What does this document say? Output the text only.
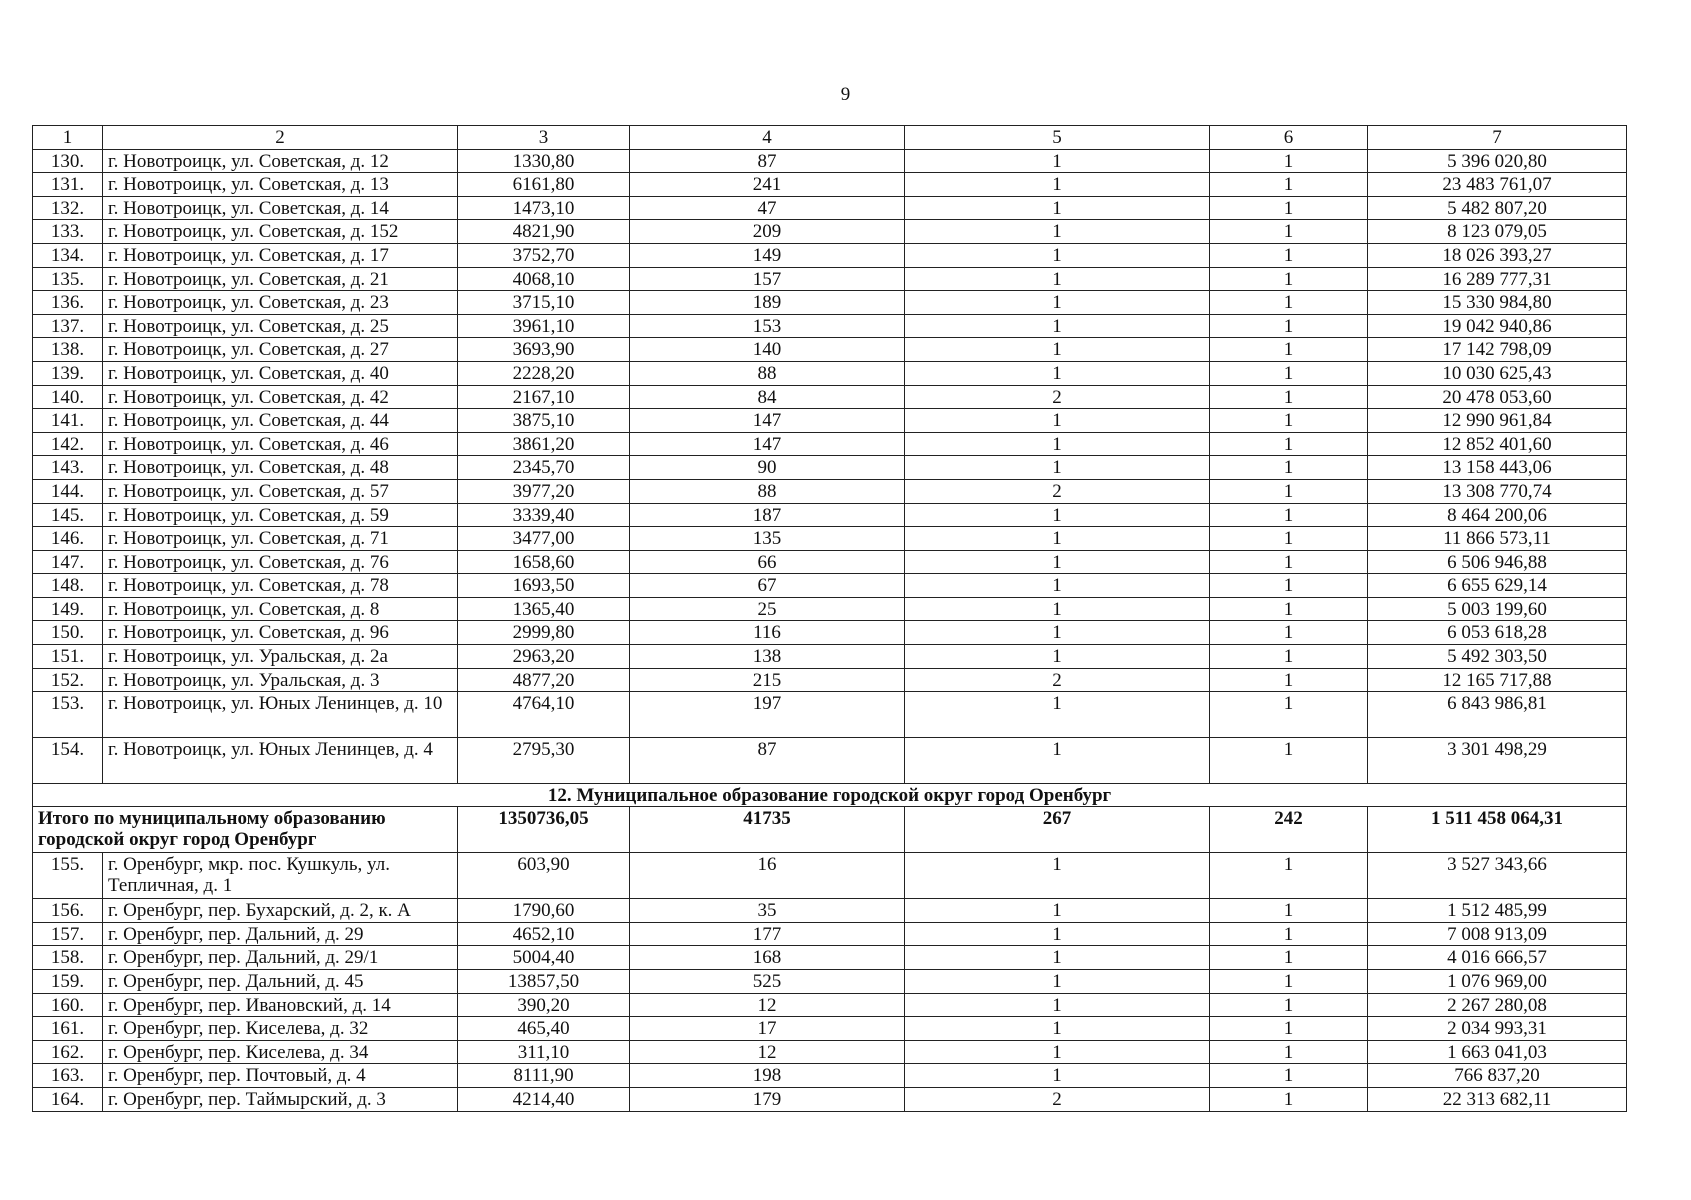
9
1	2	3	4	5	6	7
130.	г. Новотроицк, ул. Советская, д. 12	1330,80	87	1	1	5 396 020,80
131.	г. Новотроицк, ул. Советская, д. 13	6161,80	241	1	1	23 483 761,07
132.	г. Новотроицк, ул. Советская, д. 14	1473,10	47	1	1	5 482 807,20
133.	г. Новотроицк, ул. Советская, д. 152	4821,90	209	1	1	8 123 079,05
134.	г. Новотроицк, ул. Советская, д. 17	3752,70	149	1	1	18 026 393,27
135.	г. Новотроицк, ул. Советская, д. 21	4068,10	157	1	1	16 289 777,31
136.	г. Новотроицк, ул. Советская, д. 23	3715,10	189	1	1	15 330 984,80
137.	г. Новотроицк, ул. Советская, д. 25	3961,10	153	1	1	19 042 940,86
138.	г. Новотроицк, ул. Советская, д. 27	3693,90	140	1	1	17 142 798,09
139.	г. Новотроицк, ул. Советская, д. 40	2228,20	88	1	1	10 030 625,43
140.	г. Новотроицк, ул. Советская, д. 42	2167,10	84	2	1	20 478 053,60
141.	г. Новотроицк, ул. Советская, д. 44	3875,10	147	1	1	12 990 961,84
142.	г. Новотроицк, ул. Советская, д. 46	3861,20	147	1	1	12 852 401,60
143.	г. Новотроицк, ул. Советская, д. 48	2345,70	90	1	1	13 158 443,06
144.	г. Новотроицк, ул. Советская, д. 57	3977,20	88	2	1	13 308 770,74
145.	г. Новотроицк, ул. Советская, д. 59	3339,40	187	1	1	8 464 200,06
146.	г. Новотроицк, ул. Советская, д. 71	3477,00	135	1	1	11 866 573,11
147.	г. Новотроицк, ул. Советская, д. 76	1658,60	66	1	1	6 506 946,88
148.	г. Новотроицк, ул. Советская, д. 78	1693,50	67	1	1	6 655 629,14
149.	г. Новотроицк, ул. Советская, д. 8	1365,40	25	1	1	5 003 199,60
150.	г. Новотроицк, ул. Советская, д. 96	2999,80	116	1	1	6 053 618,28
151.	г. Новотроицк, ул. Уральская, д. 2а	2963,20	138	1	1	5 492 303,50
152.	г. Новотроицк, ул. Уральская, д. 3	4877,20	215	2	1	12 165 717,88
153.	г. Новотроицк, ул. Юных Ленинцев, д. 10	4764,10	197	1	1	6 843 986,81
154.	г. Новотроицк, ул. Юных Ленинцев, д. 4	2795,30	87	1	1	3 301 498,29
12. Муниципальное образование городской округ город Оренбург						
Итого по муниципальному образованию городской округ город Оренбург		1350736,05	41735	267	242	1 511 458 064,31
155.	г. Оренбург, мкр. пос. Кушкуль, ул. Тепличная, д. 1	603,90	16	1	1	3 527 343,66
156.	г. Оренбург, пер. Бухарский, д. 2, к. А	1790,60	35	1	1	1 512 485,99
157.	г. Оренбург, пер. Дальний, д. 29	4652,10	177	1	1	7 008 913,09
158.	г. Оренбург, пер. Дальний, д. 29/1	5004,40	168	1	1	4 016 666,57
159.	г. Оренбург, пер. Дальний, д. 45	13857,50	525	1	1	1 076 969,00
160.	г. Оренбург, пер. Ивановский, д. 14	390,20	12	1	1	2 267 280,08
161.	г. Оренбург, пер. Киселева, д. 32	465,40	17	1	1	2 034 993,31
162.	г. Оренбург, пер. Киселева, д. 34	311,10	12	1	1	1 663 041,03
163.	г. Оренбург, пер. Почтовый, д. 4	8111,90	198	1	1	766 837,20
164.	г. Оренбург, пер. Таймырский, д. 3	4214,40	179	2	1	22 313 682,11
